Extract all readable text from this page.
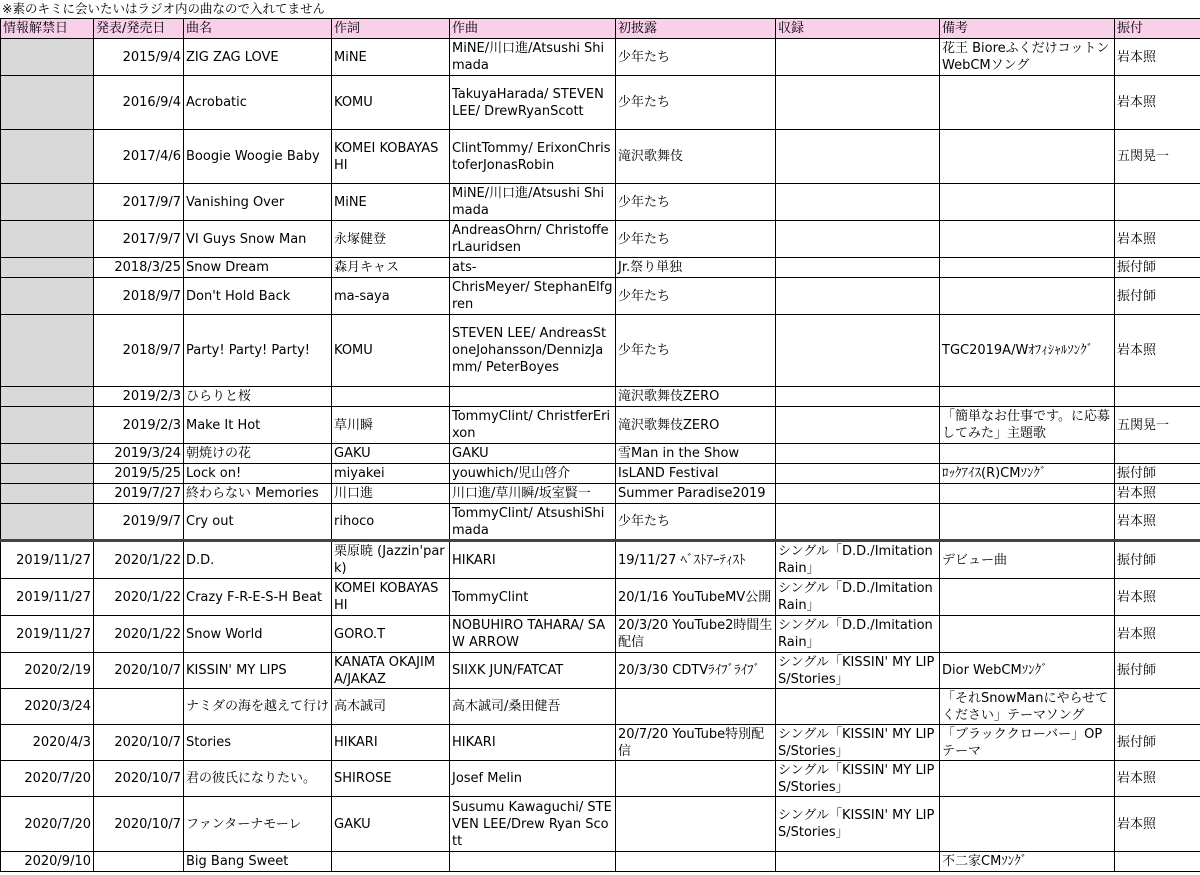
※素のキミに会いたいはラジオ内の曲なので入れてません
情報解禁日	発表/発売日	曲名	作詞	作曲	初披露	収録	備考	振付
	2015/9/4	ZIG ZAG LOVE	MiNE	MiNE/川口進/Atsushi Shimada	少年たち		花王 Bioreふくだけコットン WebCMソング	岩本照
	2016/9/4	Acrobatic	KOMU	TakuyaHarada/ STEVEN LEE/ DrewRyanScott	少年たち			岩本照
	2017/4/6	Boogie Woogie Baby	KOMEI KOBAYASHI	ClintTommy/ ErixonChristoferJonasRobin	滝沢歌舞伎			五関晃一
	2017/9/7	Vanishing Over	MiNE	MiNE/川口進/Atsushi Shimada	少年たち			
	2017/9/7	VI Guys Snow Man	永塚健登	AndreasOhrn/ ChristofferLauridsen	少年たち			岩本照
	2018/3/25	Snow Dream	森月キャス	ats-	Jr.祭り単独			振付師
	2018/9/7	Don't Hold Back	ma-saya	ChrisMeyer/ StephanElfgren	少年たち			振付師
	2018/9/7	Party! Party! Party!	KOMU	STEVEN LEE/ AndreasStoneJohansson/DennizJamm/ PeterBoyes	少年たち		TGC2019A/Wｵﾌｨｼｬﾙｿﾝｸﾞ	岩本照
	2019/2/3	ひらりと桜			滝沢歌舞伎ZERO			
	2019/2/3	Make It Hot	草川瞬	TommyClint/ ChristferErixon	滝沢歌舞伎ZERO		「簡単なお仕事です。に応募してみた」主題歌	五関晃一
	2019/3/24	朝焼けの花	GAKU	GAKU	雪Man in the Show			
	2019/5/25	Lock on!	miyakei	youwhich/児山啓介	IsLAND Festival		ﾛｯｸｱｲｽ(R)CMｿﾝｸﾞ	振付師
	2019/7/27	終わらない Memories	川口進	川口進/草川瞬/坂室賢一	Summer Paradise2019			岩本照
	2019/9/7	Cry out	rihoco	TommyClint/ AtsushiShimada	少年たち			岩本照
2019/11/27	2020/1/22	D.D.	栗原暁 (Jazzin'park)	HIKARI	19/11/27 ﾍﾞｽﾄｱｰﾃｨｽﾄ	シングル「D.D./Imitation Rain」	デビュー曲	振付師
2019/11/27	2020/1/22	Crazy F-R-E-S-H Beat	KOMEI KOBAYASHI	TommyClint	20/1/16 YouTubeMV公開	シングル「D.D./Imitation Rain」		岩本照
2019/11/27	2020/1/22	Snow World	GORO.T	NOBUHIRO TAHARA/ SAW ARROW	20/3/20 YouTube2時間生配信	シングル「D.D./Imitation Rain」		岩本照
2020/2/19	2020/10/7	KISSIN' MY LIPS	KANATA OKAJIMA/JAKAZ	SIIXK JUN/FATCAT	20/3/30 CDTVﾗｲﾌﾞﾗｲﾌﾞ	シングル「KISSIN' MY LIPS/Stories」	Dior WebCMｿﾝｸﾞ	振付師
2020/3/24		ナミダの海を越えて行け	高木誠司	高木誠司/桑田健吾			「それSnowManにやらせてください」テーマソング	
2020/4/3	2020/10/7	Stories	HIKARI	HIKARI	20/7/20 YouTube特別配信	シングル「KISSIN' MY LIPS/Stories」	「ブラッククローバー」OPテーマ	振付師
2020/7/20	2020/10/7	君の彼氏になりたい。	SHIROSE	Josef Melin		シングル「KISSIN' MY LIPS/Stories」		岩本照
2020/7/20	2020/10/7	ファンターナモーレ	GAKU	Susumu Kawaguchi/ STEVEN LEE/Drew Ryan Scott		シングル「KISSIN' MY LIPS/Stories」		岩本照
2020/9/10		Big Bang Sweet					不二家CMｿﾝｸﾞ	
